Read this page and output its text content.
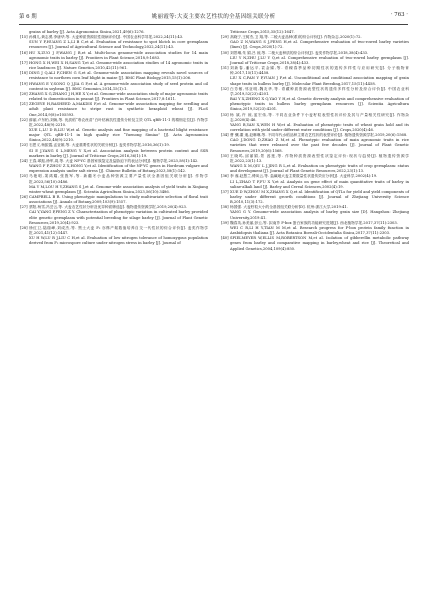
第 6 期	姚丽霞等:大麦主要农艺性状的全基因组关联分析	· 763 ·
grains of barley [J]. Acta Agronomica Sinica,2021,49(6):1276.
[15] 孙佛儿,黄志勇,李唐华,等. 大麦种质资源抗性斑病评价[J]. 中国农业科学导报,2022,24(11):43.
SUN Y F,HUANG Z L,LI B C,et al. Evaluation of resistance to spot blotch in core germplasm resources [J]. Journal of Agricultural Science and Technology,2022,24(11):43.
[16] HU X,ZUO J F,WANG J B,et al. Multi-locus genome-wide association studies for 14 main agronomic traits in barley [J]. Frontiers in Plant Science,2018,9:1683.
[17] HONG X H,WEI X H,SANG T,et al. Genome-wide association studies of 14 agronomic traits in rice landraces [J]. Nature Genetics,2010,42(11):961.
[18] DING J Q,ALI F,CHEN G S,et al. Genome-wide association mapping reveals novel sources of resistance to northern corn leaf blight in maize [J]. BMC Plant Biology,2015,15(1):206.
[19] HWANG E Y,SONG Q J,JIA G F,et al. A genome-wide association study of seed protein and oil content in soybean [J]. BMC Genomics,2014,15(1):1.
[20] ZHANG X G,ZHANG J H,HE X Y,et al. Genome-wide association study of major agronomic traits related to domestication in peanut [J]. Frontiers in Plant Science,2017,8:1611.
[21] ZEGEYE H,RASHEED A,MAKDIS F,et al. Genome-wide association mapping for seedling and adult plant resistance to stripe rust in synthetic hexaploid wheat [J]. PLoS One,2014,9(8):e105593.
[22] 薛丽,卢东柏,刘焕,等. 优质稻“粤农丝苗”白叶枯病抗性遗传分析及主效 QTL qBB-11-1 的精细定位[J]. 作物学报,2022,48(9):2210.
XUE L,LU D B,LIU W,et al. Genetic analysis and fine mapping of a bacterial blight resistance major QTL qBB-11-1 in high quality rice “Yuenong Simiao” [J]. Acta Agronomica Sinica,2022,48(9):2210.
[23] 石恩义,杨振霞,孟亚雄,等. 大麦重要性状的关联分析[J]. 麦类作物学报,2016,36(1):19.
SI E J,YANG S L,MENG Y X,et al. Association analysis between protein content and SSR markers in barley [J]. Journal of Triticeae Crops,2016,36(1):19.
[24] 王春,翠振,徐军,周,等. 大麦 NF-YC 基因家族鉴定及盐胁迫下的表达分析[J]. 植物学报,2023,58(1):142.
WANG F F,ZHOU Z X,HONG Y,et al. Identification of the NF-YC genes in Hordeum vulgare and expression analysis under salt stress [J]. Chinese Bulletin of Botany,2023,58(1):142.
[25] 马艳明,娄鸿耀,张胜军,等. 新疆冬小麦品种资源主要产量性状全基因组关联分析[J]. 作物学报,2023,56(10):3486.
MA Y M,LOU H Y,ZHANG S J,et al. Genome-wide association analysis of yield traits in Xinjiang winter wheat germplasm [J]. Scientia Agricultura Sinica,2023,56(10):3486.
[26] CAMPBELL B R. Using phenotypic manipulations to study multivariate selection of floral trait associations [J]. Annals of Botany,2009,103(9):1557.
[27] 蔡阳,杨雪,冯芸云,等. 大麦农艺性状分析及优异种质筛选[J]. 植物遗传资源学报,2019,20(4):923.
CAI Y,YANG P,FENG Z Y. Characterization of phenotypic variation in cultivated barley provided elite genetic germplasm with potential breeding for silage barley [J]. Journal of Plant Genetic Resources,2019,20(4):923.
[28] 徐红卫,陆瑞峰,刘成杰,等. 黑土大麦 F₂ 亦株产氮数值培养自交一代性状的综合评价[J]. 麦类作物学报,2021,41(12):1447.
XU H W,LU R J,LIU C H,et al. Evaluation of low nitrogen tolerance of homozygous population derived from F₂ microspore culture under nitrogen stress in barley [J]. Journal of
Triticeae Crops,2015,35(12):1647.
[29] 高晓宁,王树杰,卫 翔,等. 二棱大麦品种(系)的综合评价[J]. 作物杂志,2020(1):72.
GAO Z N,WANG S J,FENG H,et al. Comprehensive evaluation of two-rowed barley varieties (lines) [J]. Crops,2020(1):72.
[30] 刘景琳,朱 娟,吕 琼,等. 二棱大麦种质的综合评价[J]. 麦类作物学报,2018,38(4):433.
LIU Y N,ZHU J,LU Y Q,et al. Comprehensive evaluation of two-rowed barley germplasm [J]. Journal of Triticeae Crops,2018,38(4):433.
[31] 刘新春,潘运平,袁金娣,等. 青稞春季品种初期性状的遗传多样性与应用研究[J]. 分子植物育种,2017,15(11):4458.
LIU X C,PAN Y P,YUAN J F,et al. Unconditional and conditional association mapping of grain shape traits in hulless barley [J]. Molecular Plant Breeding,2017,15(11):4458.
[32] 白芳敏,邻亚明,魏友华,等. 青藏种质资源表型性状的遗传多样性分析及综合评价[J]. 中国农业科学,2019,52(23):4201.
BAI Y X,ZHENG X Q,YAO Y H,et al. Genetic diversity analysis and comprehensive evaluation of phenotypic traits in hulless barley germplasm resources [J]. Scientia Agricultura Sinica,2019,52(23):4201.
[33] 杨 斌,许 琼,蓝宏伟,等. 不同农业条件下小麦籽粒表型性状评价及其与产量相关性研究[J]. 作物杂志,2020(4):46.
YANG B,YAN X,WEN H W,et al. Evaluation of phenotypic traits of wheat grain hold and its correlation with yield under different water conditions [J]. Crops,2020(4):46.
[34] 曹 骥,董 迪,赵琳琳,等. 不同年代水稻品种主要农艺性状的表型评价[J]. 植物遗传资源学报,2019,20(6):1568.
CAO J,DONG D,ZHAO Z M,et al. Phenotypic evaluation of main agronomic traits in rice varieties that were released over the past few decades [J]. Journal of Plant Genetic Resources,2019,20(6):1568.
[35] 王晓鸣,邱丽娟,景 蕊莲,等. 作物种质资源表型性状鉴定评价:现状与趋势[J]. 植物遗传资源学报,2022,23(1):13.
WANG X M,QIU L J,JING R L,et al. Evaluation on phenotypic traits of crop germplasm: status and development [J]. Journal of Plant Genetic Resources,2022,23(1):13.
[36] 李 蓉,赵慧兰,傅凤云,等. 盐碱地大麦主要数量性状遗传效应分析[J]. 大麦科学,2002(4):19.
LI L,ZHAO T F,FU X Y,et al. Analysis on gene effect of main quantitative traits of barley in saline-alkali land [J]. Barley and Cereal Sciences,2002(4):19.
[37] XUE D W,ZHOU M X,ZHANG X Q,et al. Identification of QTLs for yield and yield components of barley under different growth conditions [J]. Journal of Zhejiang University Science B,2010,11(3):172.
[38] 杨国强. 大麦籽粒大小的全基因组关联分析[D]. 杭州:浙江大学,2019:41.
YANG G Y. Genome-wide association analysis of barley grain size [D]. Hangzhou: Zhejiang University,2019:41.
[39] 魏春英,孙美丽,彭云,等. 拟南芥 F-box 蛋白家族的功能研究进展[J]. 西北植物学报,2017,37(11):2303.
WEI C R,LI H Y,TIAN M M,et al. Research progress for F-box protein family function in Arabidopsis thaliana [J]. Acta Botanica Boreali-Occidentalia Sinica,2017,37(11):2303.
[40] SPIELMEYER W,ELLIS M,ROBERTSON M,et al. Isolation of gibberellin metabolic pathway genes from barley and comparative mapping in barley,wheat and rice [J]. Theoretical and Applied Genetics,2004,109(4):850.
